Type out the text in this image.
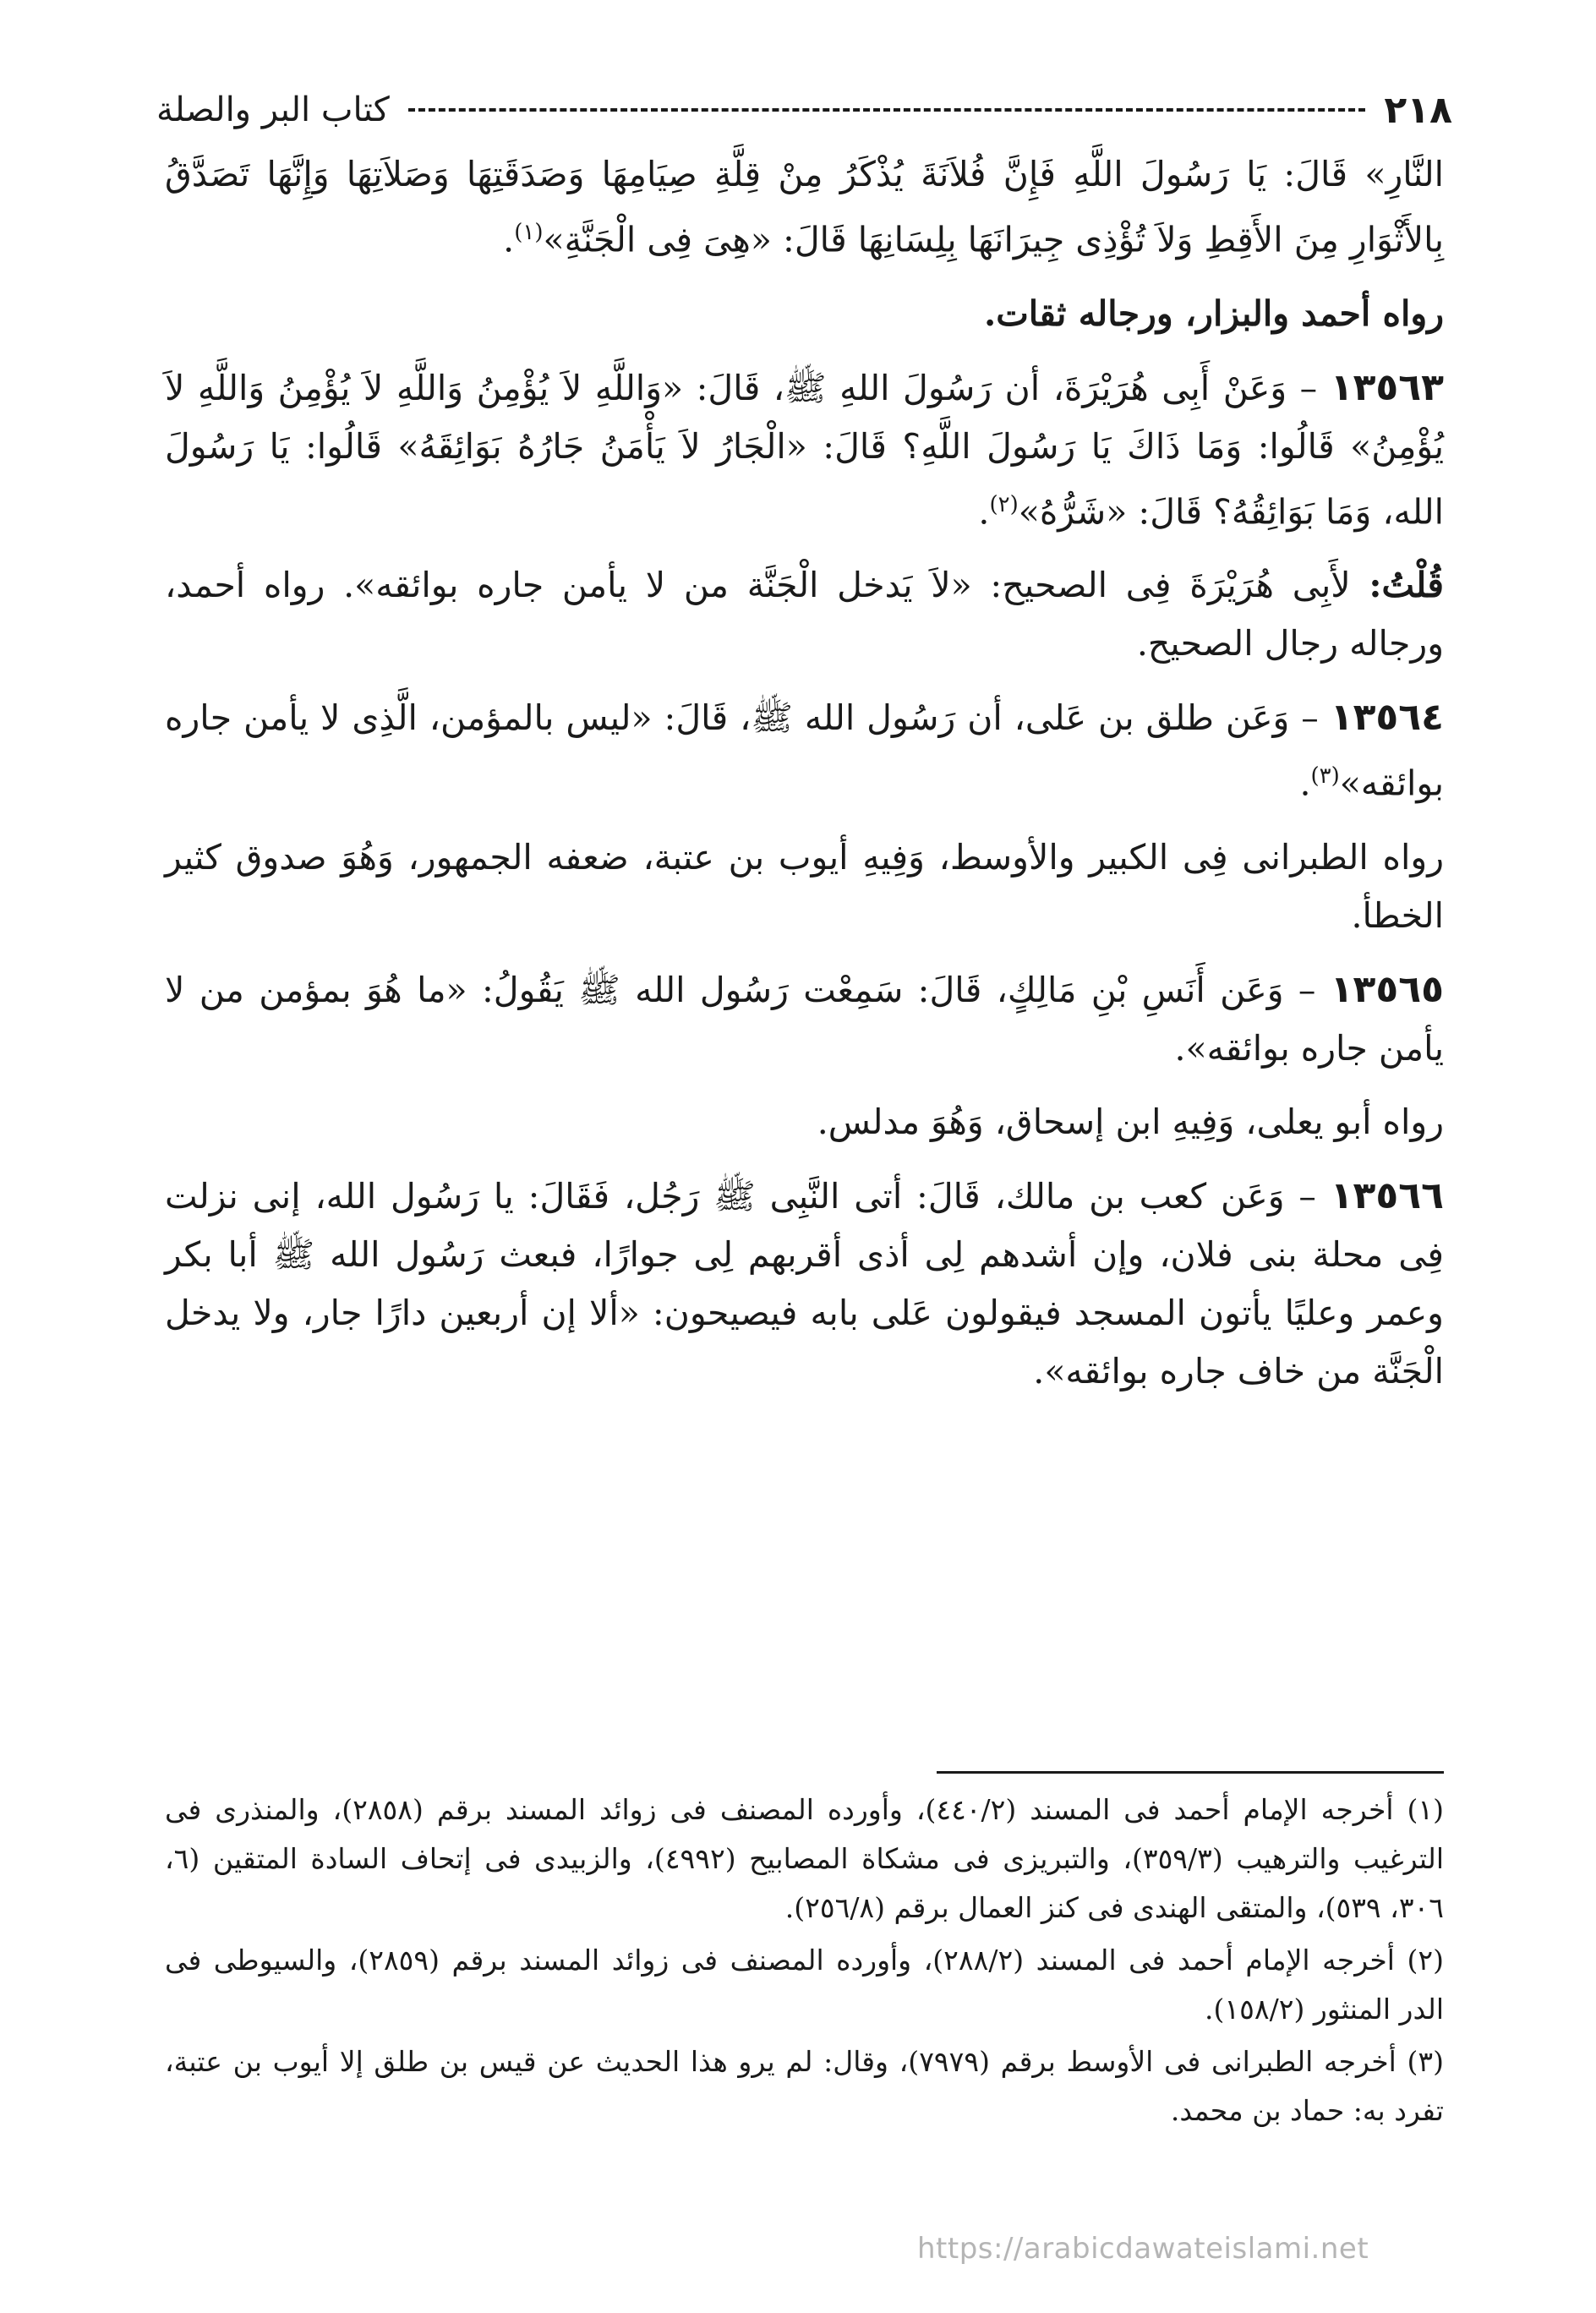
٢١٨
كتاب البر والصلة

النَّارِ» قَالَ: يَا رَسُولَ اللَّهِ فَإِنَّ فُلاَنَةَ يُذْكَرُ مِنْ قِلَّةِ صِيَامِهَا وَصَدَقَتِهَا وَصَلاَتِهَا وَإِنَّهَا تَصَدَّقُ بِالأَثْوَارِ مِنَ الأَقِطِ وَلاَ تُؤْذِى جِيرَانَهَا بِلِسَانِهَا قَالَ: «هِىَ فِى الْجَنَّةِ»$^{(١)}$.

رواه أحمد والبزار، ورجاله ثقات.

١٣٥٦٣ – وَعَنْ أَبِى هُرَيْرَةَ، أن رَسُولَ اللهِ ﷺ، قَالَ: «وَاللَّهِ لاَ يُؤْمِنُ وَاللَّهِ لاَ يُؤْمِنُ وَاللَّهِ لاَ يُؤْمِنُ» قَالُوا: وَمَا ذَاكَ يَا رَسُولَ اللَّهِ؟ قَالَ: «الْجَارُ لاَ يَأْمَنُ جَارُهُ بَوَائِقَهُ» قَالُوا: يَا رَسُولَ الله، وَمَا بَوَائِقُهُ؟ قَالَ: «شَرُّهُ»$^{(٢)}$.

قُلْتُ: لأَبِى هُرَيْرَةَ فِى الصحيح: «لاَ يَدخل الْجَنَّة من لا يأمن جاره بوائقه». رواه أحمد، ورجاله رجال الصحيح.

١٣٥٦٤ – وَعَن طلق بن عَلى، أن رَسُول الله ﷺ، قَالَ: «ليس بالمؤمن، الَّذِى لا يأمن جاره بوائقه»$^{(٣)}$.

رواه الطبرانى فِى الكبير والأوسط، وَفِيهِ أيوب بن عتبة، ضعفه الجمهور، وَهُوَ صدوق كثير الخطأ.

١٣٥٦٥ – وَعَن أَنَسِ بْنِ مَالِكٍ، قَالَ: سَمِعْت رَسُول الله ﷺ يَقُولُ: «ما هُوَ بمؤمن من لا يأمن جاره بوائقه».

رواه أبو يعلى، وَفِيهِ ابن إسحاق، وَهُوَ مدلس.

١٣٥٦٦ – وَعَن كعب بن مالك، قَالَ: أتى النَّبِى ﷺ رَجُل، فَقَالَ: يا رَسُول الله، إنى نزلت فِى محلة بنى فلان، وإن أشدهم لِى أذى أقربهم لِى جوارًا، فبعث رَسُول الله ﷺ أبا بكر وعمر وعليًا يأتون المسجد فيقولون عَلى بابه فيصيحون: «ألا إن أربعين دارًا جار، ولا يدخل الْجَنَّة من خاف جاره بوائقه».

(١) أخرجه الإمام أحمد فى المسند (٤٤٠/٢)، وأورده المصنف فى زوائد المسند برقم (٢٨٥٨)، والمنذرى فى الترغيب والترهيب (٣٥٩/٣)، والتبريزى فى مشكاة المصابيح (٤٩٩٢)، والزبيدى فى إتحاف السادة المتقين (٦، ٣٠٦، ٥٣٩)، والمتقى الهندى فى كنز العمال برقم (٢٥٦/٨).

(٢) أخرجه الإمام أحمد فى المسند (٢٨٨/٢)، وأورده المصنف فى زوائد المسند برقم (٢٨٥٩)، والسيوطى فى الدر المنثور (١٥٨/٢).

(٣) أخرجه الطبرانى فى الأوسط برقم (٧٩٧٩)، وقال: لم يرو هذا الحديث عن قيس بن طلق إلا أيوب بن عتبة، تفرد به: حماد بن محمد.

https://arabicdawateislami.net
